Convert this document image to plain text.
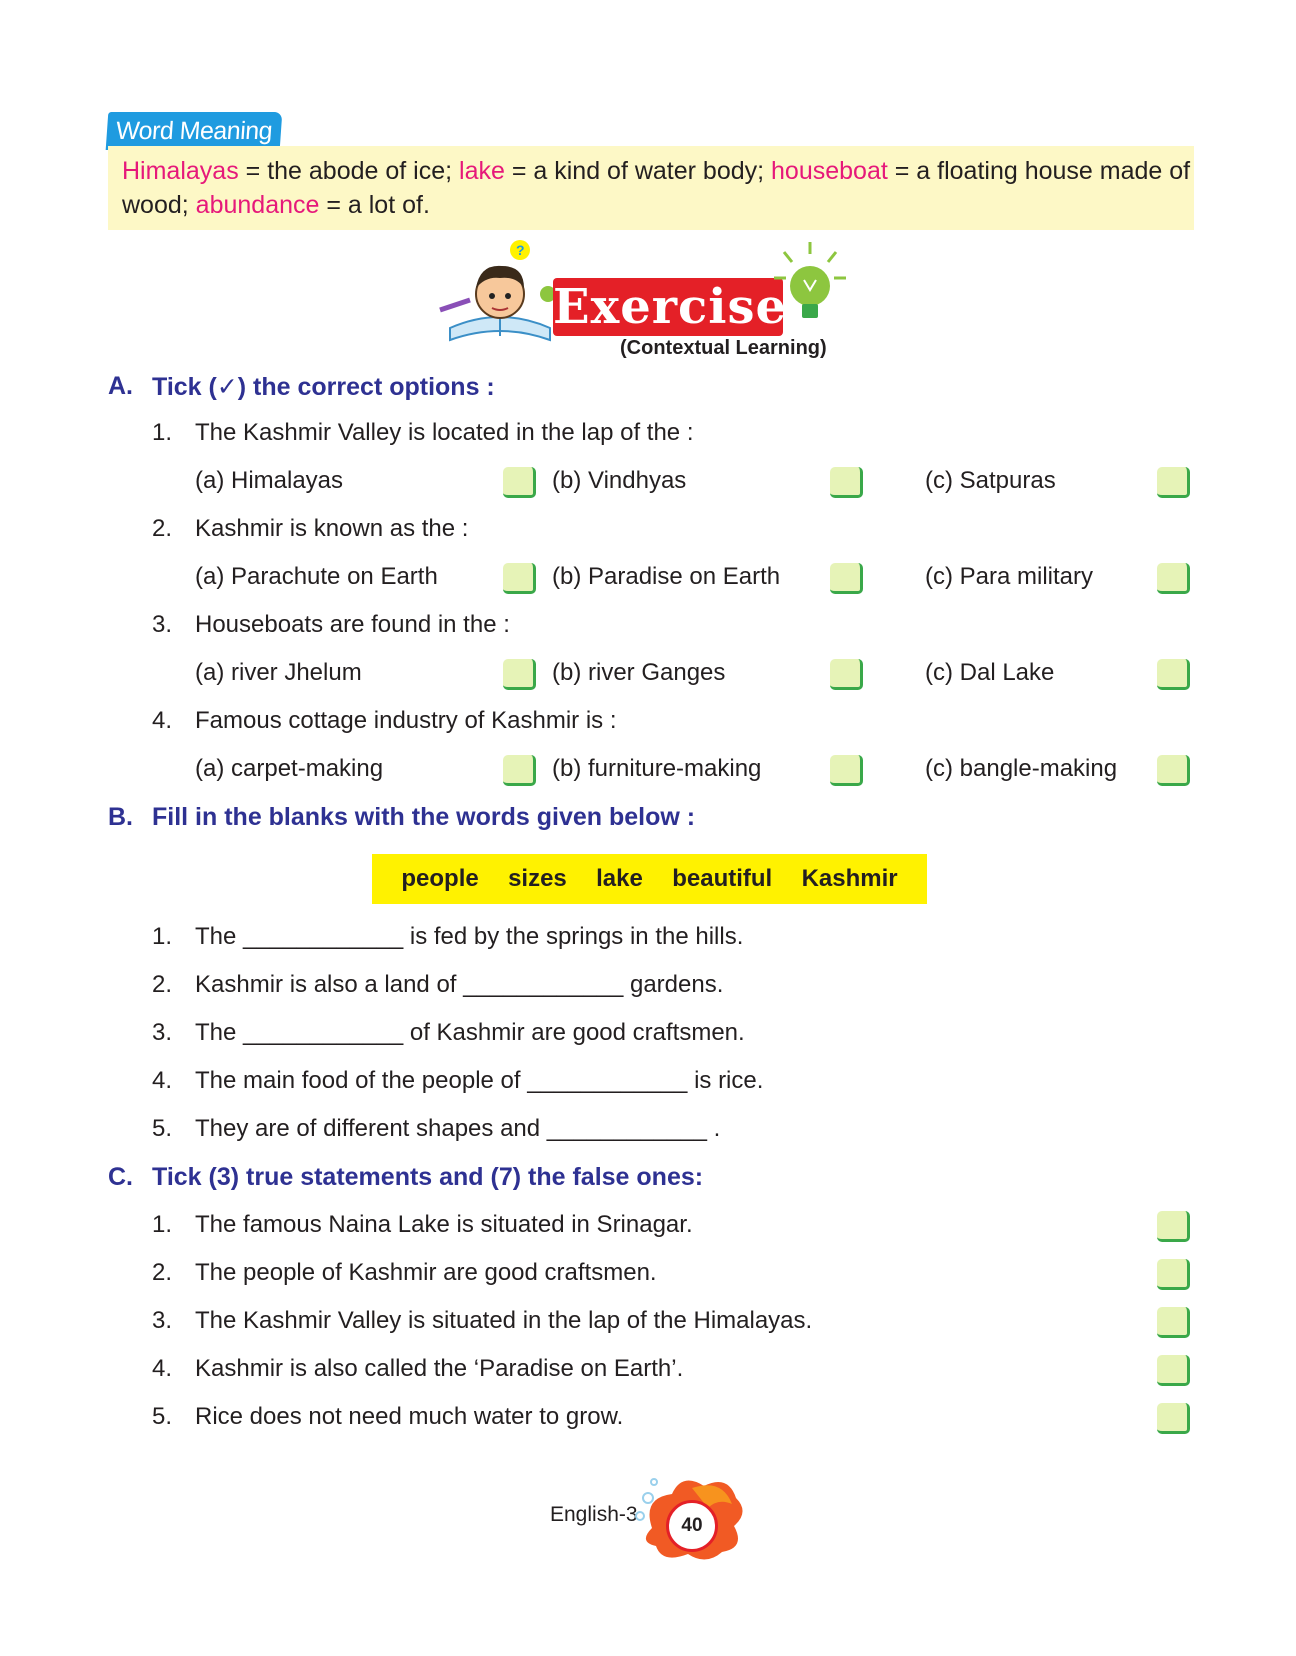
Word Meaning
Himalayas = the abode of ice; lake = a kind of water body; houseboat = a floating house made of wood; abundance = a lot of.
?
Exercise
(Contextual Learning)
A. Tick (✓) the correct options :
1. The Kashmir Valley is located in the lap of the :
(a) Himalayas	(b) Vindhyas	(c) Satpuras
2. Kashmir is known as the :
(a) Parachute on Earth	(b) Paradise on Earth	(c) Para military
3. Houseboats are found in the :
(a) river Jhelum	(b) river Ganges	(c) Dal Lake
4. Famous cottage industry of Kashmir is :
(a) carpet-making	(b) furniture-making	(c) bangle-making
B. Fill in the blanks with the words given below :
people sizes lake beautiful Kashmir
1. The ____________ is fed by the springs in the hills.
2. Kashmir is also a land of ____________ gardens.
3. The ____________ of Kashmir are good craftsmen.
4. The main food of the people of ____________ is rice.
5. They are of different shapes and ____________ .
C. Tick (3) true statements and (7) the false ones:
1. The famous Naina Lake is situated in Srinagar.
2. The people of Kashmir are good craftsmen.
3. The Kashmir Valley is situated in the lap of the Himalayas.
4. Kashmir is also called the ‘Paradise on Earth’.
5. Rice does not need much water to grow.
English-3	40
